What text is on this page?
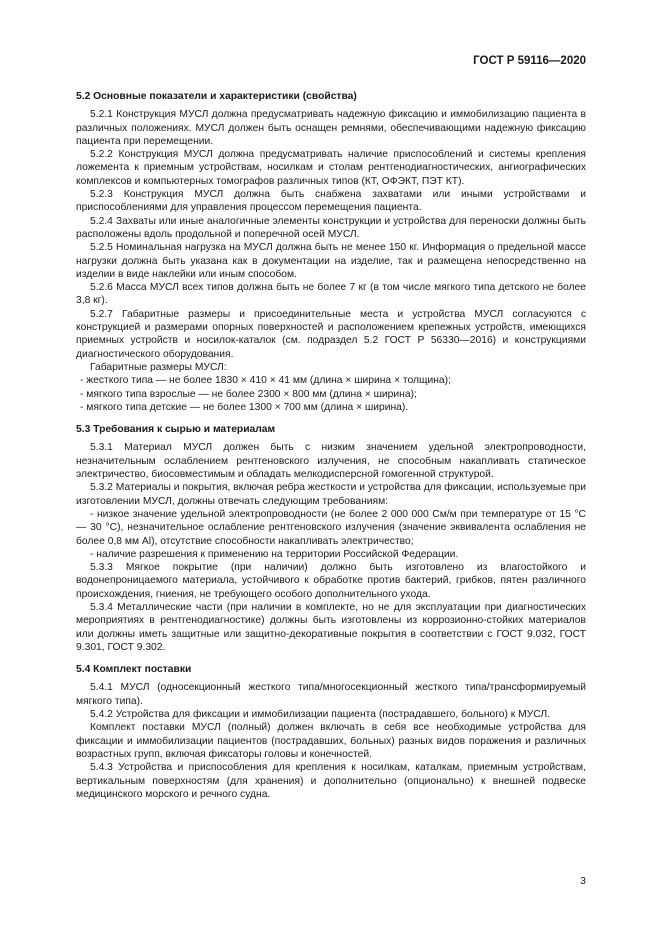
ГОСТ Р 59116—2020
5.2 Основные показатели и характеристики (свойства)

5.2.1 Конструкция МУСЛ должна предусматривать надежную фиксацию и иммобилизацию пациента в различных положениях. МУСЛ должен быть оснащен ремнями, обеспечивающими надежную фиксацию пациента при перемещении.

5.2.2 Конструкция МУСЛ должна предусматривать наличие приспособлений и системы крепления ложемента к приемным устройствам, носилкам и столам рентгенодиагностических, ангиографических комплексов и компьютерных томографов различных типов (КТ, ОФЭКТ, ПЭТ КТ).

5.2.3 Конструкция МУСЛ должна быть снабжена захватами или иными устройствами и приспособлениями для управления процессом перемещения пациента.

5.2.4 Захваты или иные аналогичные элементы конструкции и устройства для переноски должны быть расположены вдоль продольной и поперечной осей МУСЛ.

5.2.5 Номинальная нагрузка на МУСЛ должна быть не менее 150 кг. Информация о предельной массе нагрузки должна быть указана как в документации на изделие, так и размещена непосредственно на изделии в виде наклейки или иным способом.

5.2.6 Масса МУСЛ всех типов должна быть не более 7 кг (в том числе мягкого типа детского не более 3,8 кг).

5.2.7 Габаритные размеры и присоединительные места и устройства МУСЛ согласуются с конструкцией и размерами опорных поверхностей и расположением крепежных устройств, имеющихся приемных устройств и носилок-каталок (см. подраздел 5.2 ГОСТ Р 56330—2016) и конструкциями диагностического оборудования.

Габаритные размеры МУСЛ:

- жесткого типа — не более 1830 × 410 × 41 мм (длина × ширина × толщина);

- мягкого типа взрослые — не более 2300 × 800 мм (длина × ширина);

- мягкого типа детские — не более 1300 × 700 мм (длина × ширина).

5.3 Требования к сырью и материалам

5.3.1 Материал МУСЛ должен быть с низким значением удельной электропроводности, незначительным ослаблением рентгеновского излучения, не способным накапливать статическое электричество, биосовместимым и обладать мелкодисперсной гомогенной структурой.

5.3.2 Материалы и покрытия, включая ребра жесткости и устройства для фиксации, используемые при изготовлении МУСЛ, должны отвечать следующим требованиям:

- низкое значение удельной электропроводности (не более 2 000 000 См/м при температуре от 15 °С — 30 °С), незначительное ослабление рентгеновского излучения (значение эквивалента ослабления не более 0,8 мм Al), отсутствие способности накапливать электричество;

- наличие разрешения к применению на территории Российской Федерации.

5.3.3 Мягкое покрытие (при наличии) должно быть изготовлено из влагостойкого и водонепроницаемого материала, устойчивого к обработке против бактерий, грибков, пятен различного происхождения, гниения, не требующего особого дополнительного ухода.

5.3.4 Металлические части (при наличии в комплекте, но не для эксплуатации при диагностических мероприятиях в рентгенодиагностике) должны быть изготовлены из коррозионно-стойких материалов или должны иметь защитные или защитно-декоративные покрытия в соответствии с ГОСТ 9.032, ГОСТ 9.301, ГОСТ 9.302.

5.4 Комплект поставки

5.4.1 МУСЛ (односекционный жесткого типа/многосекционный жесткого типа/трансформируемый мягкого типа).

5.4.2 Устройства для фиксации и иммобилизации пациента (пострадавшего, больного) к МУСЛ.

Комплект поставки МУСЛ (полный) должен включать в себя все необходимые устройства для фиксации и иммобилизации пациентов (пострадавших, больных) разных видов поражения и различных возрастных групп, включая фиксаторы головы и конечностей.

5.4.3 Устройства и приспособления для крепления к носилкам, каталкам, приемным устройствам, вертикальным поверхностям (для хранения) и дополнительно (опционально) к внешней подвеске медицинского морского и речного судна.

3
